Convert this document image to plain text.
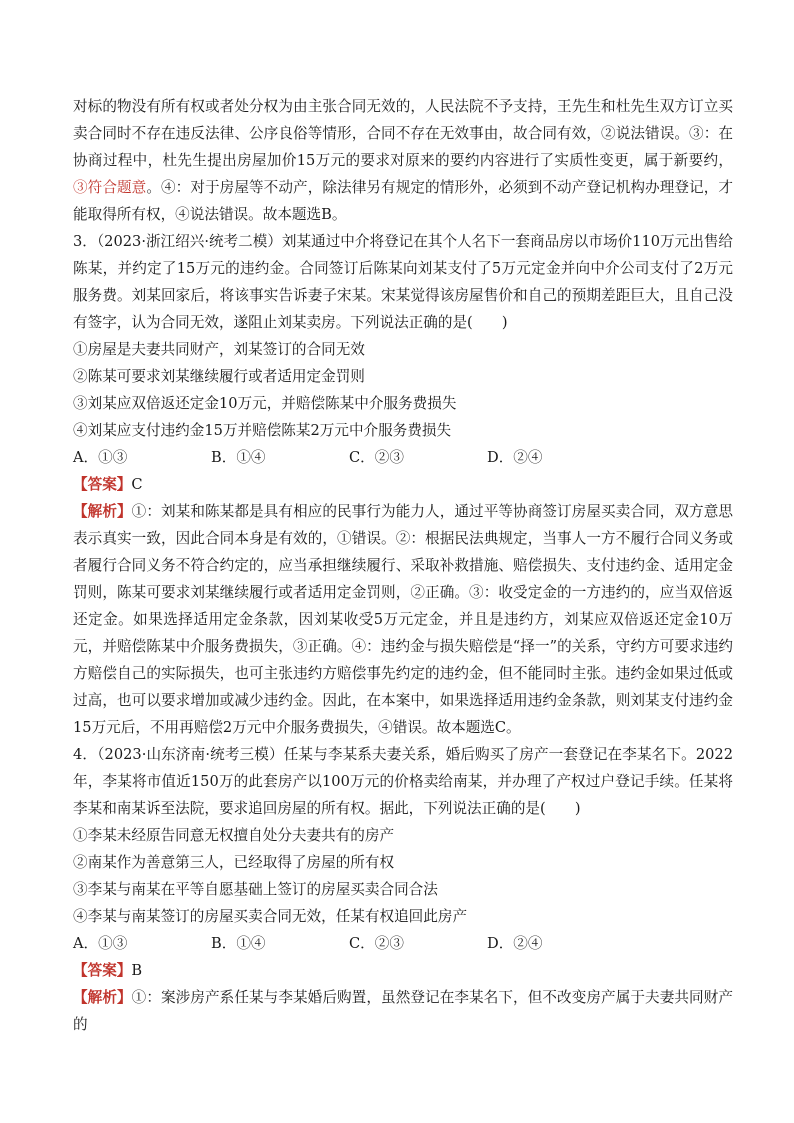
对标的物没有所有权或者处分权为由主张合同无效的，人民法院不予支持，王先生和杜先生双方订立买卖合同时不存在违反法律、公序良俗等情形，合同不存在无效事由，故合同有效，②说法错误。③：在协商过程中，杜先生提出房屋加价15万元的要求对原来的要约内容进行了实质性变更，属于新要约，③符合题意。④：对于房屋等不动产，除法律另有规定的情形外，必须到不动产登记机构办理登记，才能取得所有权，④说法错误。故本题选B。

3．（2023·浙江绍兴·统考二模）刘某通过中介将登记在其个人名下一套商品房以市场价110万元出售给陈某，并约定了15万元的违约金。合同签订后陈某向刘某支付了5万元定金并向中介公司支付了2万元服务费。刘某回家后，将该事实告诉妻子宋某。宋某觉得该房屋售价和自己的预期差距巨大，且自己没有签字，认为合同无效，遂阻止刘某卖房。下列说法正确的是(　　)

①房屋是夫妻共同财产，刘某签订的合同无效

②陈某可要求刘某继续履行或者适用定金罚则

③刘某应双倍返还定金10万元，并赔偿陈某中介服务费损失

④刘某应支付违约金15万并赔偿陈某2万元中介服务费损失

A．①③	B．①④	C．②③	D．②④

【答案】C

【解析】①：刘某和陈某都是具有相应的民事行为能力人，通过平等协商签订房屋买卖合同，双方意思表示真实一致，因此合同本身是有效的，①错误。②：根据民法典规定，当事人一方不履行合同义务或者履行合同义务不符合约定的，应当承担继续履行、采取补救措施、赔偿损失、支付违约金、适用定金罚则，陈某可要求刘某继续履行或者适用定金罚则，②正确。③：收受定金的一方违约的，应当双倍返还定金。如果选择适用定金条款，因刘某收受5万元定金，并且是违约方，刘某应双倍返还定金10万元，并赔偿陈某中介服务费损失，③正确。④：违约金与损失赔偿是“择一”的关系，守约方可要求违约方赔偿自己的实际损失，也可主张违约方赔偿事先约定的违约金，但不能同时主张。违约金如果过低或过高，也可以要求增加或减少违约金。因此，在本案中，如果选择适用违约金条款，则刘某支付违约金15万元后，不用再赔偿2万元中介服务费损失，④错误。故本题选C。

4．（2023·山东济南·统考三模）任某与李某系夫妻关系，婚后购买了房产一套登记在李某名下。2022年，李某将市值近150万的此套房产以100万元的价格卖给南某，并办理了产权过户登记手续。任某将李某和南某诉至法院，要求追回房屋的所有权。据此，下列说法正确的是(　　)

①李某未经原告同意无权擅自处分夫妻共有的房产

②南某作为善意第三人，已经取得了房屋的所有权

③李某与南某在平等自愿基础上签订的房屋买卖合同合法

④李某与南某签订的房屋买卖合同无效，任某有权追回此房产

A．①③	B．①④	C．②③	D．②④

【答案】B

【解析】①：案涉房产系任某与李某婚后购置，虽然登记在李某名下，但不改变房产属于夫妻共同财产的
